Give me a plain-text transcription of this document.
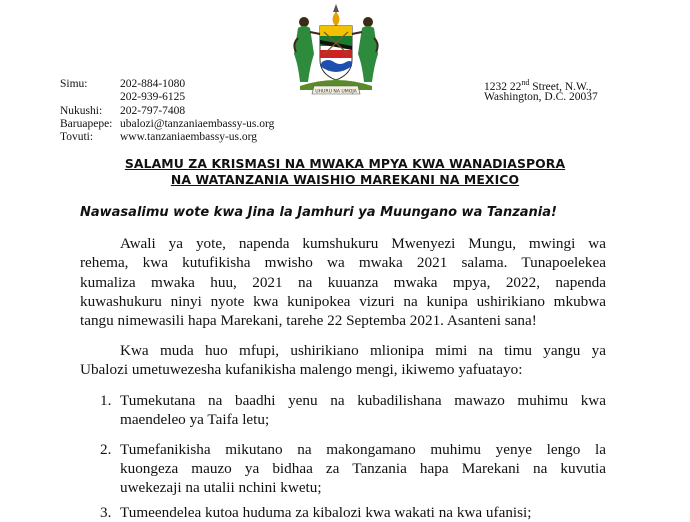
UHURU NA UMOJA
Simu:	202-884-1080
202-939-6125
Nukushi: 202-797-7408
Baruapepe: ubalozi@tanzaniaembassy-us.org
Tovuti: www.tanzaniaembassy-us.org
1232 22nd Street, N.W.,
Washington, D.C. 20037
SALAMU ZA KRISMASI NA MWAKA MPYA KWA WANADIASPORA
NA WATANZANIA WAISHIO MAREKANI NA MEXICO
Nawasalimu wote kwa Jina la Jamhuri ya Muungano wa Tanzania!
Awali ya yote, napenda kumshukuru Mwenyezi Mungu, mwingi wa
rehema, kwa kutufikisha mwisho wa mwaka 2021 salama. Tunapoelekea
kumaliza mwaka huu, 2021 na kuuanza mwaka mpya, 2022, napenda
kuwashukuru ninyi nyote kwa kunipokea vizuri na kunipa ushirikiano mkubwa
tangu nimewasili hapa Marekani, tarehe 22 Septemba 2021. Asanteni sana!
Kwa muda huo mfupi, ushirikiano mlionipa mimi na timu yangu ya
Ubalozi umetuwezesha kufanikisha malengo mengi, ikiwemo yafuatayo:
1. Tumekutana na baadhi yenu na kubadilishana mawazo muhimu kwa
maendeleo ya Taifa letu;
2. Tumefanikisha mikutano na makongamano muhimu yenye lengo la
kuongeza mauzo ya bidhaa za Tanzania hapa Marekani na kuvutia
uwekezaji na utalii nchini kwetu;
3. Tumeendelea kutoa huduma za kibalozi kwa wakati na kwa ufanisi;
